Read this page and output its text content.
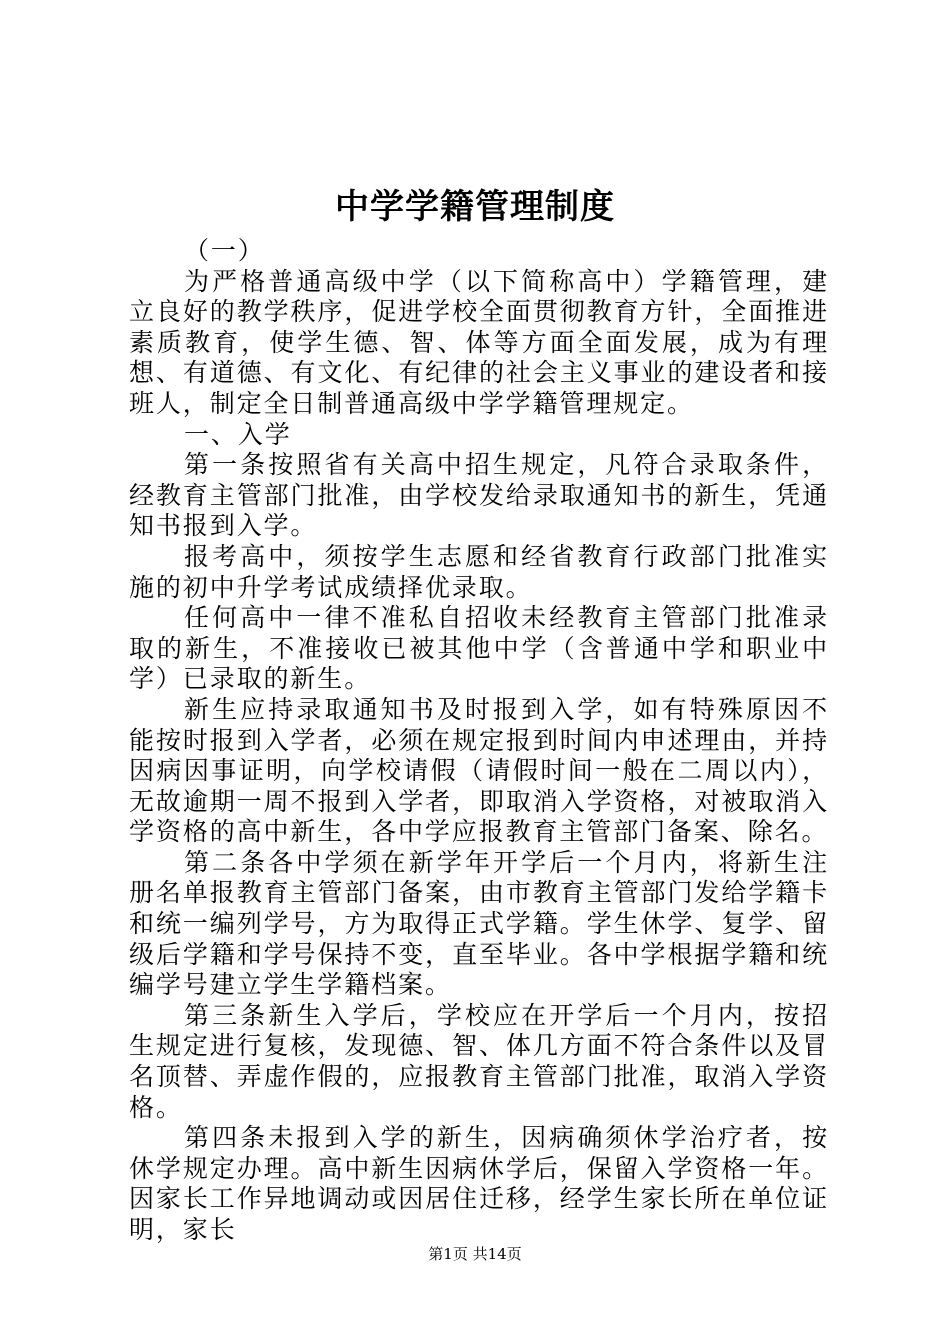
中学学籍管理制度

（一）

为严格普通高级中学（以下简称高中）学籍管理，建立良好的教学秩序，促进学校全面贯彻教育方针，全面推进素质教育，使学生德、智、体等方面全面发展，成为有理想、有道德、有文化、有纪律的社会主义事业的建设者和接班人，制定全日制普通高级中学学籍管理规定。

一、入学

第一条按照省有关高中招生规定，凡符合录取条件，经教育主管部门批准，由学校发给录取通知书的新生，凭通知书报到入学。

报考高中，须按学生志愿和经省教育行政部门批准实施的初中升学考试成绩择优录取。

任何高中一律不准私自招收未经教育主管部门批准录取的新生，不准接收已被其他中学（含普通中学和职业中学）已录取的新生。

新生应持录取通知书及时报到入学，如有特殊原因不能按时报到入学者，必须在规定报到时间内申述理由，并持因病因事证明，向学校请假（请假时间一般在二周以内），无故逾期一周不报到入学者，即取消入学资格，对被取消入学资格的高中新生，各中学应报教育主管部门备案、除名。

第二条各中学须在新学年开学后一个月内，将新生注册名单报教育主管部门备案，由市教育主管部门发给学籍卡和统一编列学号，方为取得正式学籍。学生休学、复学、留级后学籍和学号保持不变，直至毕业。各中学根据学籍和统编学号建立学生学籍档案。

第三条新生入学后，学校应在开学后一个月内，按招生规定进行复核，发现德、智、体几方面不符合条件以及冒名顶替、弄虚作假的，应报教育主管部门批准，取消入学资格。

第四条未报到入学的新生，因病确须休学治疗者，按休学规定办理。高中新生因病休学后，保留入学资格一年。因家长工作异地调动或因居住迁移，经学生家长所在单位证明，家长

第1页 共14页
